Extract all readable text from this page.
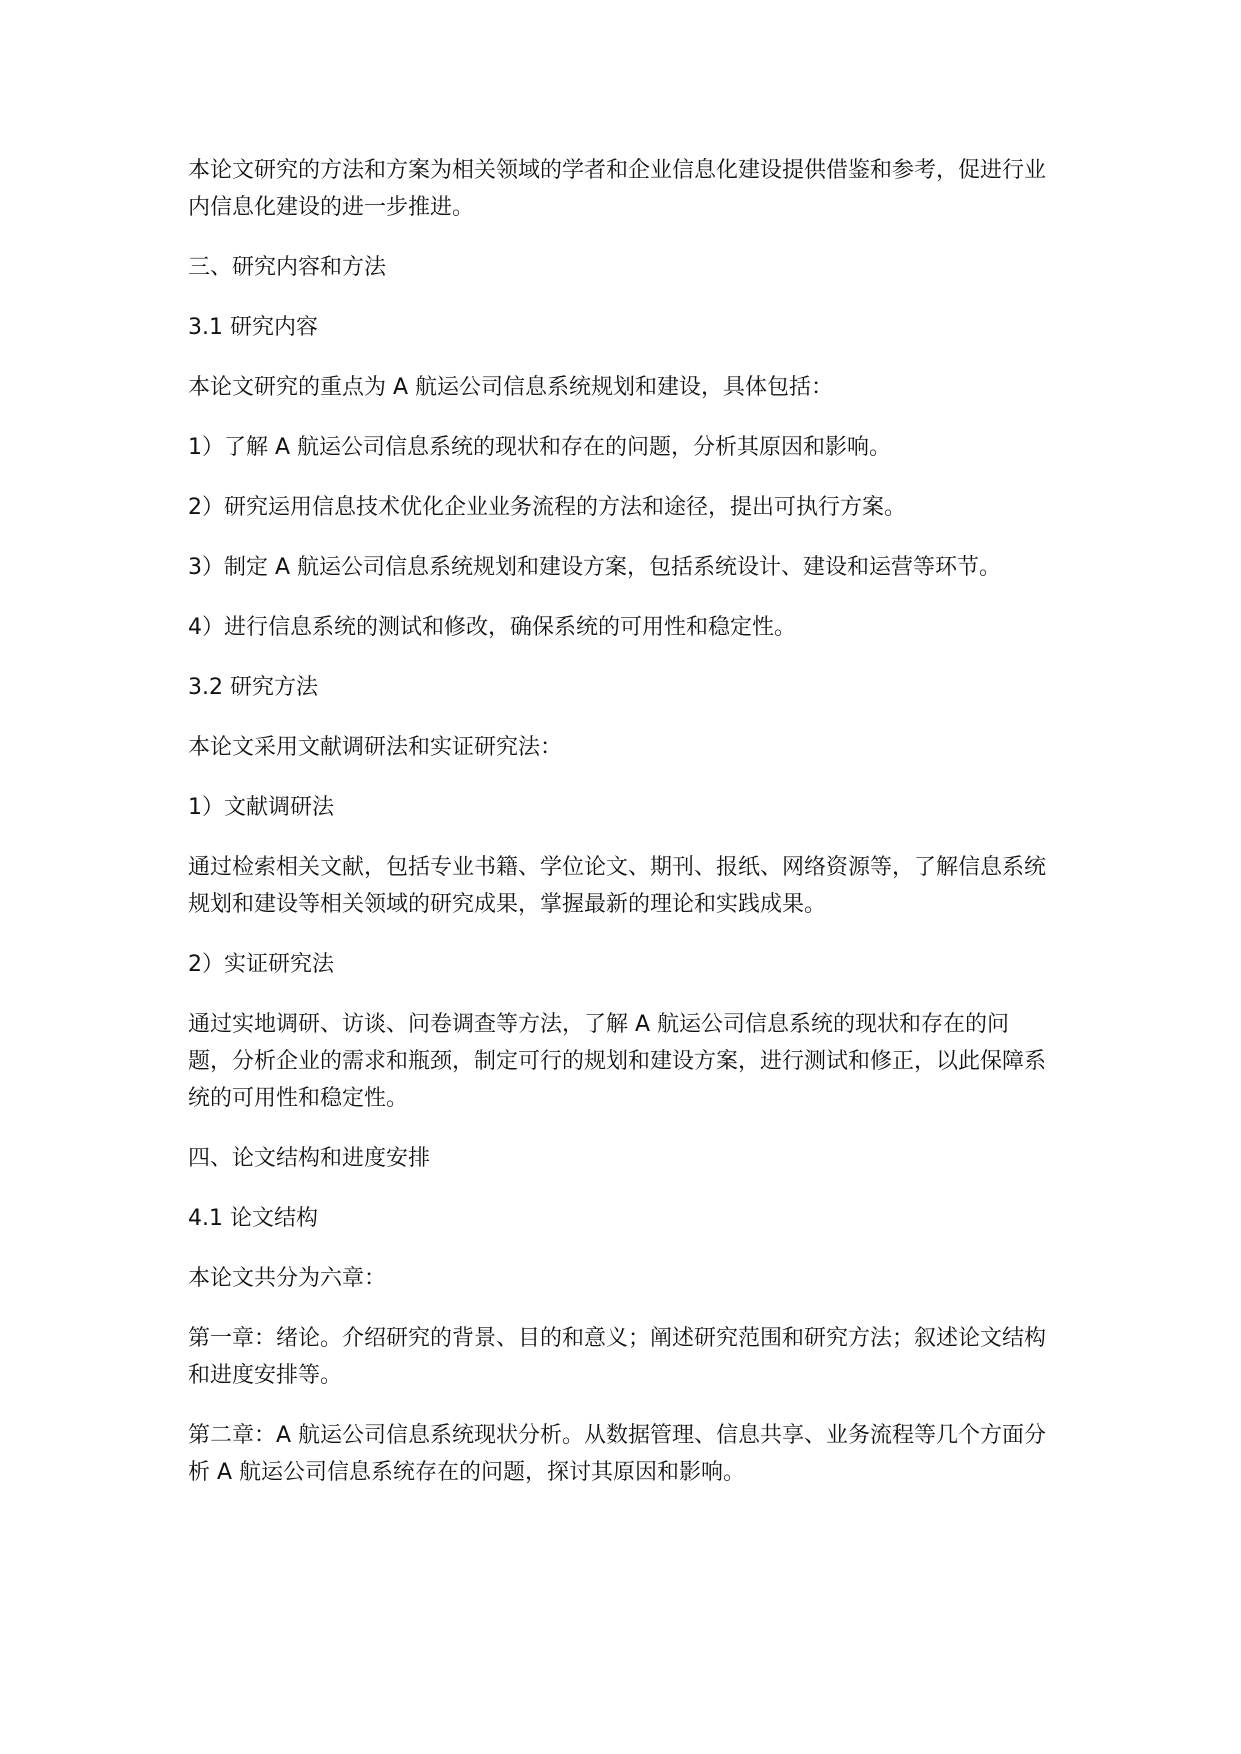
本论文研究的方法和方案为相关领域的学者和企业信息化建设提供借鉴和参考，促进行业内信息化建设的进一步推进。

三、研究内容和方法

3.1 研究内容

本论文研究的重点为 A 航运公司信息系统规划和建设，具体包括：

1）了解 A 航运公司信息系统的现状和存在的问题，分析其原因和影响。

2）研究运用信息技术优化企业业务流程的方法和途径，提出可执行方案。

3）制定 A 航运公司信息系统规划和建设方案，包括系统设计、建设和运营等环节。

4）进行信息系统的测试和修改，确保系统的可用性和稳定性。

3.2 研究方法

本论文采用文献调研法和实证研究法：

1）文献调研法

通过检索相关文献，包括专业书籍、学位论文、期刊、报纸、网络资源等，了解信息系统规划和建设等相关领域的研究成果，掌握最新的理论和实践成果。

2）实证研究法

通过实地调研、访谈、问卷调查等方法，了解 A 航运公司信息系统的现状和存在的问题，分析企业的需求和瓶颈，制定可行的规划和建设方案，进行测试和修正，以此保障系统的可用性和稳定性。

四、论文结构和进度安排

4.1 论文结构

本论文共分为六章：

第一章：绪论。介绍研究的背景、目的和意义；阐述研究范围和研究方法；叙述论文结构和进度安排等。

第二章：A 航运公司信息系统现状分析。从数据管理、信息共享、业务流程等几个方面分析 A 航运公司信息系统存在的问题，探讨其原因和影响。
